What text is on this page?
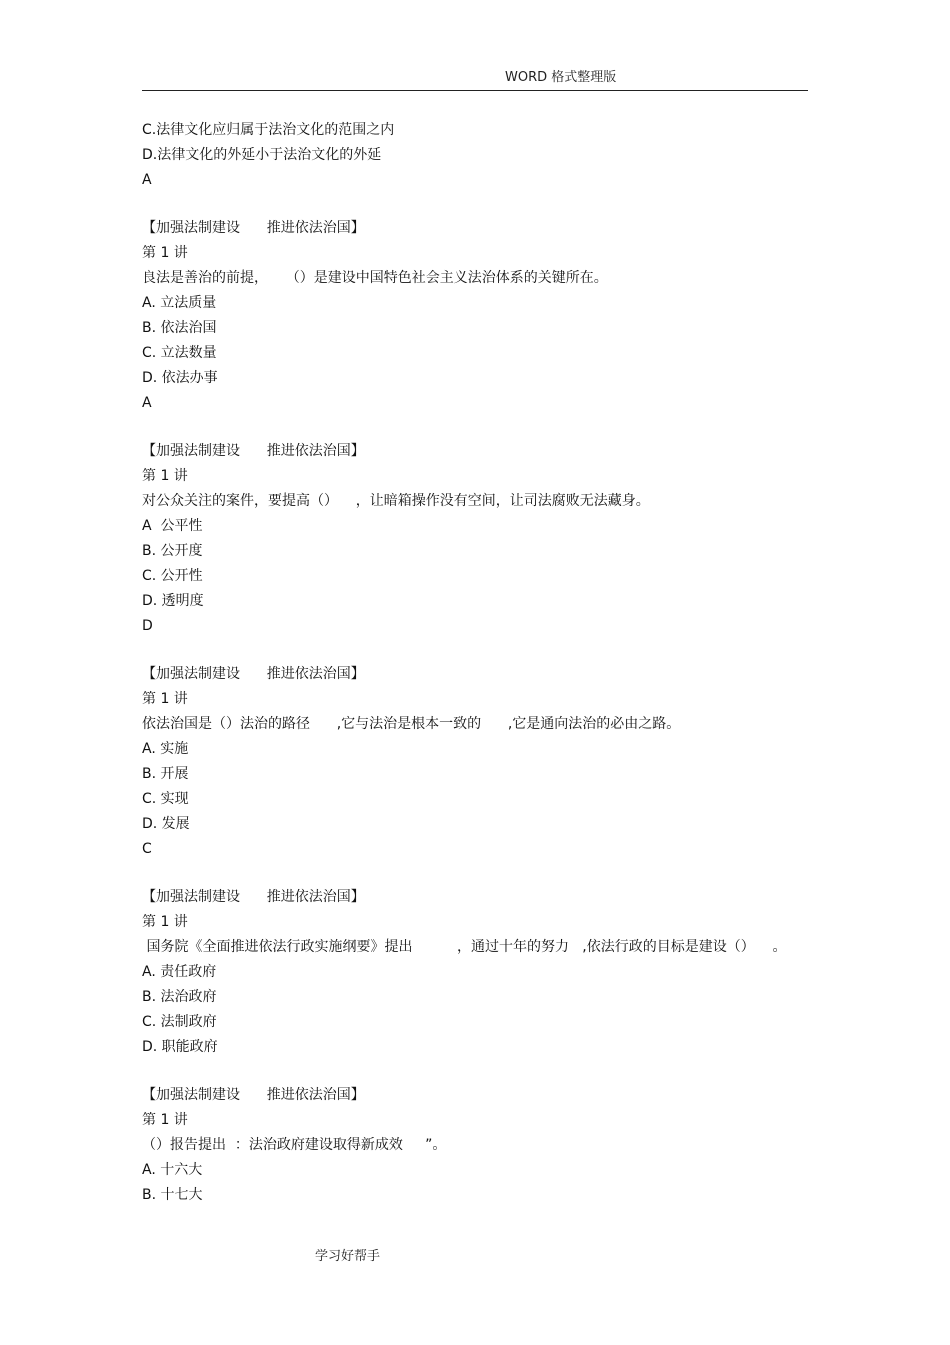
WORD 格式整理版
C.法律文化应归属于法治文化的范围之内
D.法律文化的外延小于法治文化的外延
A
【加强法制建设      推进依法治国】
第 1 讲
良法是善治的前提，    （）是建设中国特色社会主义法治体系的关键所在。
A. 立法质量
B. 依法治国
C. 立法数量
D. 依法办事
A
【加强法制建设      推进依法治国】
第 1 讲
对公众关注的案件，要提高（）    ，让暗箱操作没有空间，让司法腐败无法藏身。
A  公平性
B. 公开度
C. 公开性
D. 透明度
D
【加强法制建设      推进依法治国】
第 1 讲
依法治国是（）法治的路径      ,它与法治是根本一致的      ,它是通向法治的必由之路。
A. 实施
B. 开展
C. 实现
D. 发展
C
【加强法制建设      推进依法治国】
第 1 讲
国务院《全面推进依法行政实施纲要》提出          ，通过十年的努力   ,依法行政的目标是建设（）    。
A. 责任政府
B. 法治政府
C. 法制政府
D. 职能政府
【加强法制建设      推进依法治国】
第 1 讲
（）报告提出  ：法治政府建设取得新成效     ”。
A. 十六大
B. 十七大
学习好帮手
